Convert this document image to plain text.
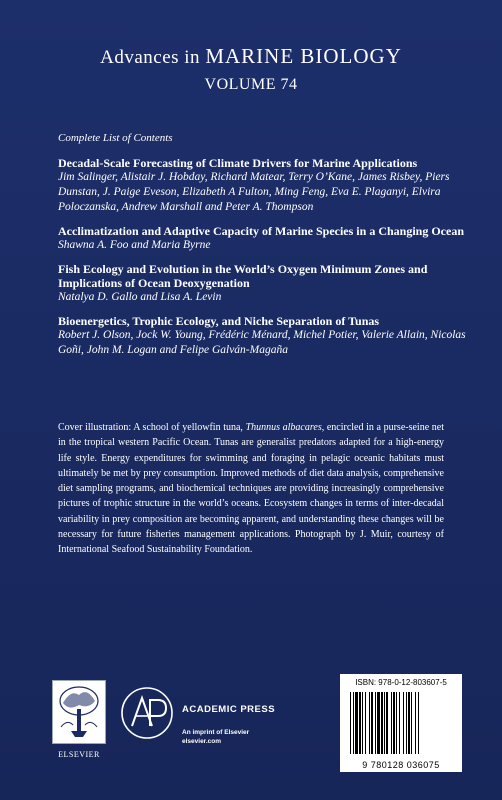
Advances in MARINE BIOLOGY
VOLUME 74
Complete List of Contents
Decadal-Scale Forecasting of Climate Drivers for Marine Applications
Jim Salinger, Alistair J. Hobday, Richard Matear, Terry O’Kane, James Risbey, Piers Dunstan, J. Paige Eveson, Elizabeth A Fulton, Ming Feng, Eva E. Plaganyi, Elvira Poloczanska, Andrew Marshall and Peter A. Thompson
Acclimatization and Adaptive Capacity of Marine Species in a Changing Ocean
Shawna A. Foo and Maria Byrne
Fish Ecology and Evolution in the World’s Oxygen Minimum Zones and Implications of Ocean Deoxygenation
Natalya D. Gallo and Lisa A. Levin
Bioenergetics, Trophic Ecology, and Niche Separation of Tunas
Robert J. Olson, Jock W. Young, Frédéric Ménard, Michel Potier, Valerie Allain, Nicolas Goñi, John M. Logan and Felipe Galván-Magaña
Cover illustration: A school of yellowfin tuna, Thunnus albacares, encircled in a purse-seine net in the tropical western Pacific Ocean. Tunas are generalist predators adapted for a high-energy life style. Energy expenditures for swimming and foraging in pelagic oceanic habitats must ultimately be met by prey consumption. Improved methods of diet data analysis, comprehensive diet sampling programs, and biochemical techniques are providing increasingly comprehensive pictures of trophic structure in the world’s oceans. Ecosystem changes in terms of inter-decadal variability in prey composition are becoming apparent, and understanding these changes will be necessary for future fisheries management applications. Photograph by J. Muir, courtesy of International Seafood Sustainability Foundation.
ELSEVIER
ACADEMIC PRESS
An imprint of Elsevier
elsevier.com
ISBN: 978-0-12-803607-5
9 780128 036075
